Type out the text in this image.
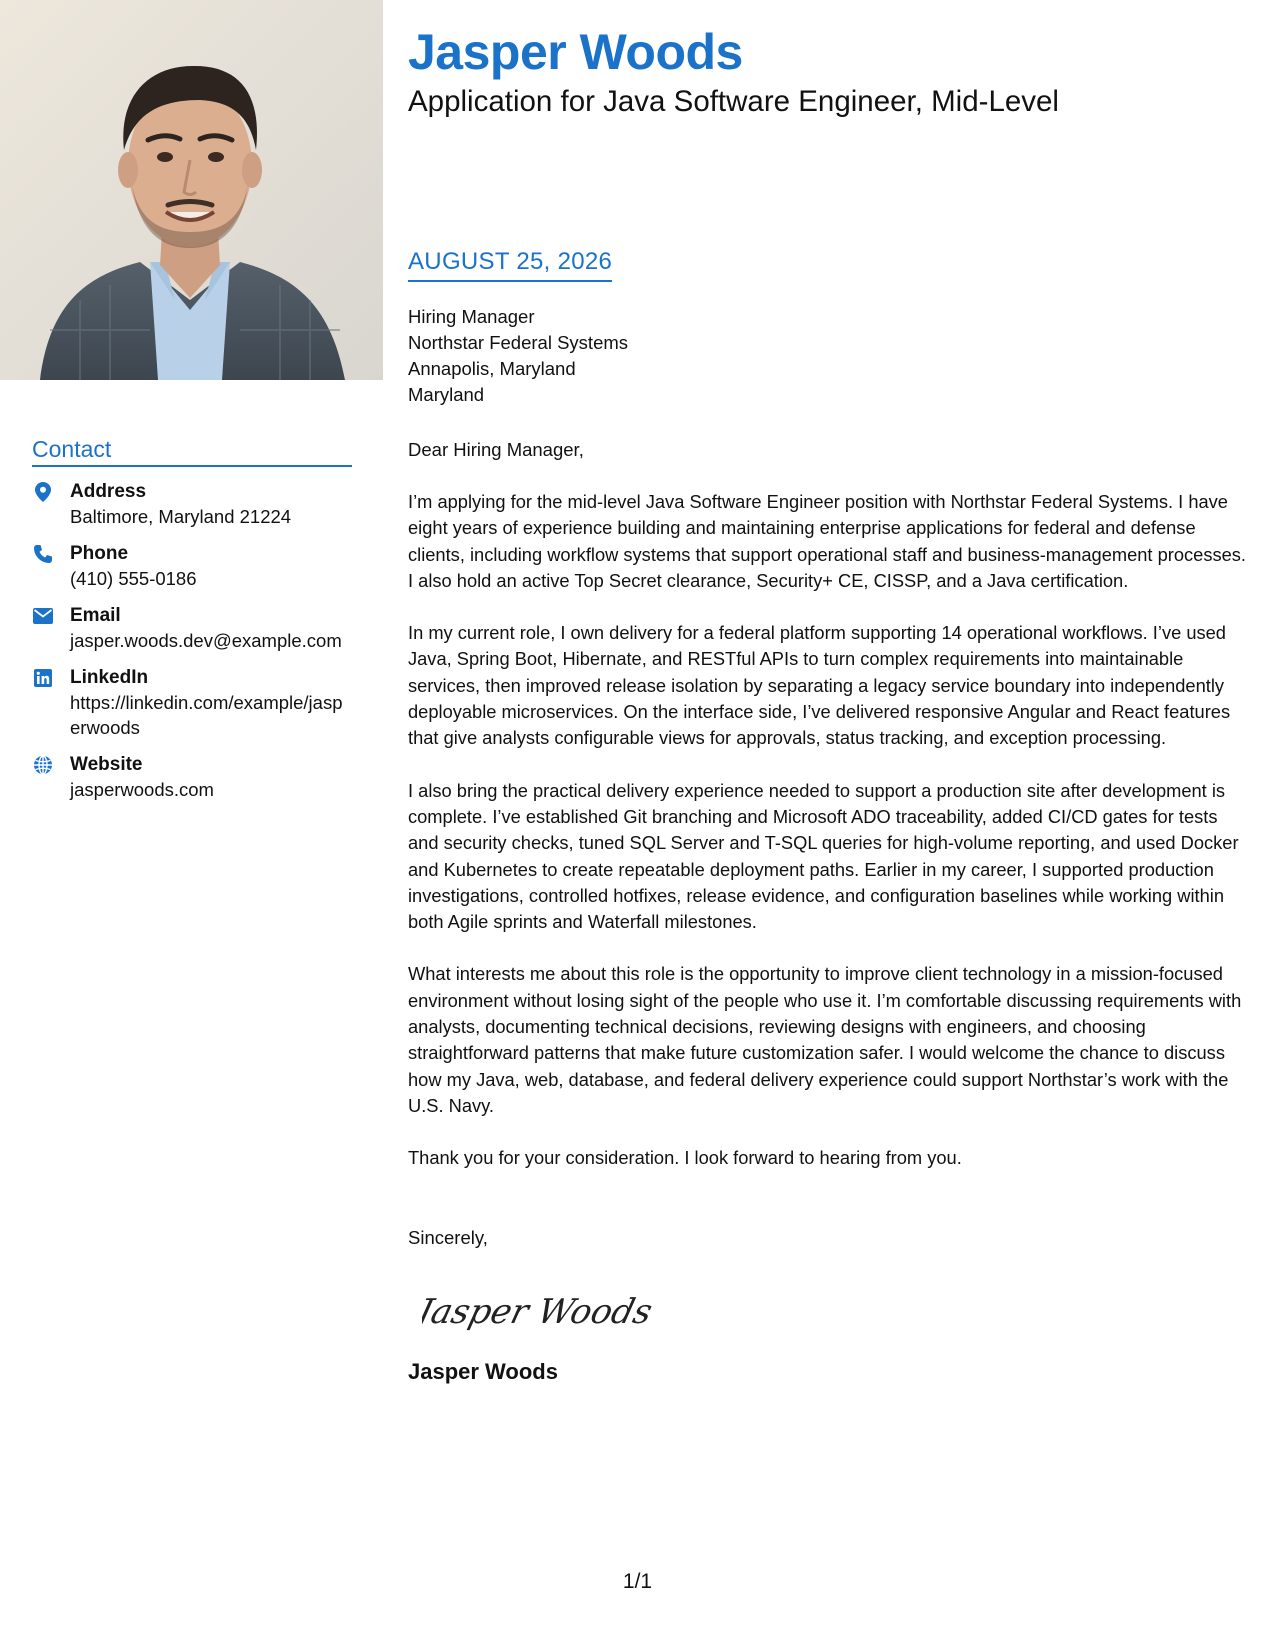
Jasper Woods
Application for Java Software Engineer, Mid-Level
Contact
Address
Baltimore, Maryland 21224
Phone
(410) 555-0186
Email
jasper.woods.dev@example.com
LinkedIn
https://linkedin.com/example/jasperwoods
Website
jasperwoods.com
AUGUST 25, 2026
Hiring Manager
Northstar Federal Systems
Annapolis, Maryland
Maryland
Dear Hiring Manager,

I’m applying for the mid-level Java Software Engineer position with Northstar Federal Systems. I have eight years of experience building and maintaining enterprise applications for federal and defense clients, including workflow systems that support operational staff and business-management processes. I also hold an active Top Secret clearance, Security+ CE, CISSP, and a Java certification.

In my current role, I own delivery for a federal platform supporting 14 operational workflows. I’ve used Java, Spring Boot, Hibernate, and RESTful APIs to turn complex requirements into maintainable services, then improved release isolation by separating a legacy service boundary into independently deployable microservices. On the interface side, I’ve delivered responsive Angular and React features that give analysts configurable views for approvals, status tracking, and exception processing.

I also bring the practical delivery experience needed to support a production site after development is complete. I’ve established Git branching and Microsoft ADO traceability, added CI/CD gates for tests and security checks, tuned SQL Server and T-SQL queries for high-volume reporting, and used Docker and Kubernetes to create repeatable deployment paths. Earlier in my career, I supported production investigations, controlled hotfixes, release evidence, and configuration baselines while working within both Agile sprints and Waterfall milestones.

What interests me about this role is the opportunity to improve client technology in a mission-focused environment without losing sight of the people who use it. I’m comfortable discussing requirements with analysts, documenting technical decisions, reviewing designs with engineers, and choosing straightforward patterns that make future customization safer. I would welcome the chance to discuss how my Java, web, database, and federal delivery experience could support Northstar’s work with the U.S. Navy.

Thank you for your consideration. I look forward to hearing from you.

Sincerely,
Jasper Woods
Jasper Woods
1/1
